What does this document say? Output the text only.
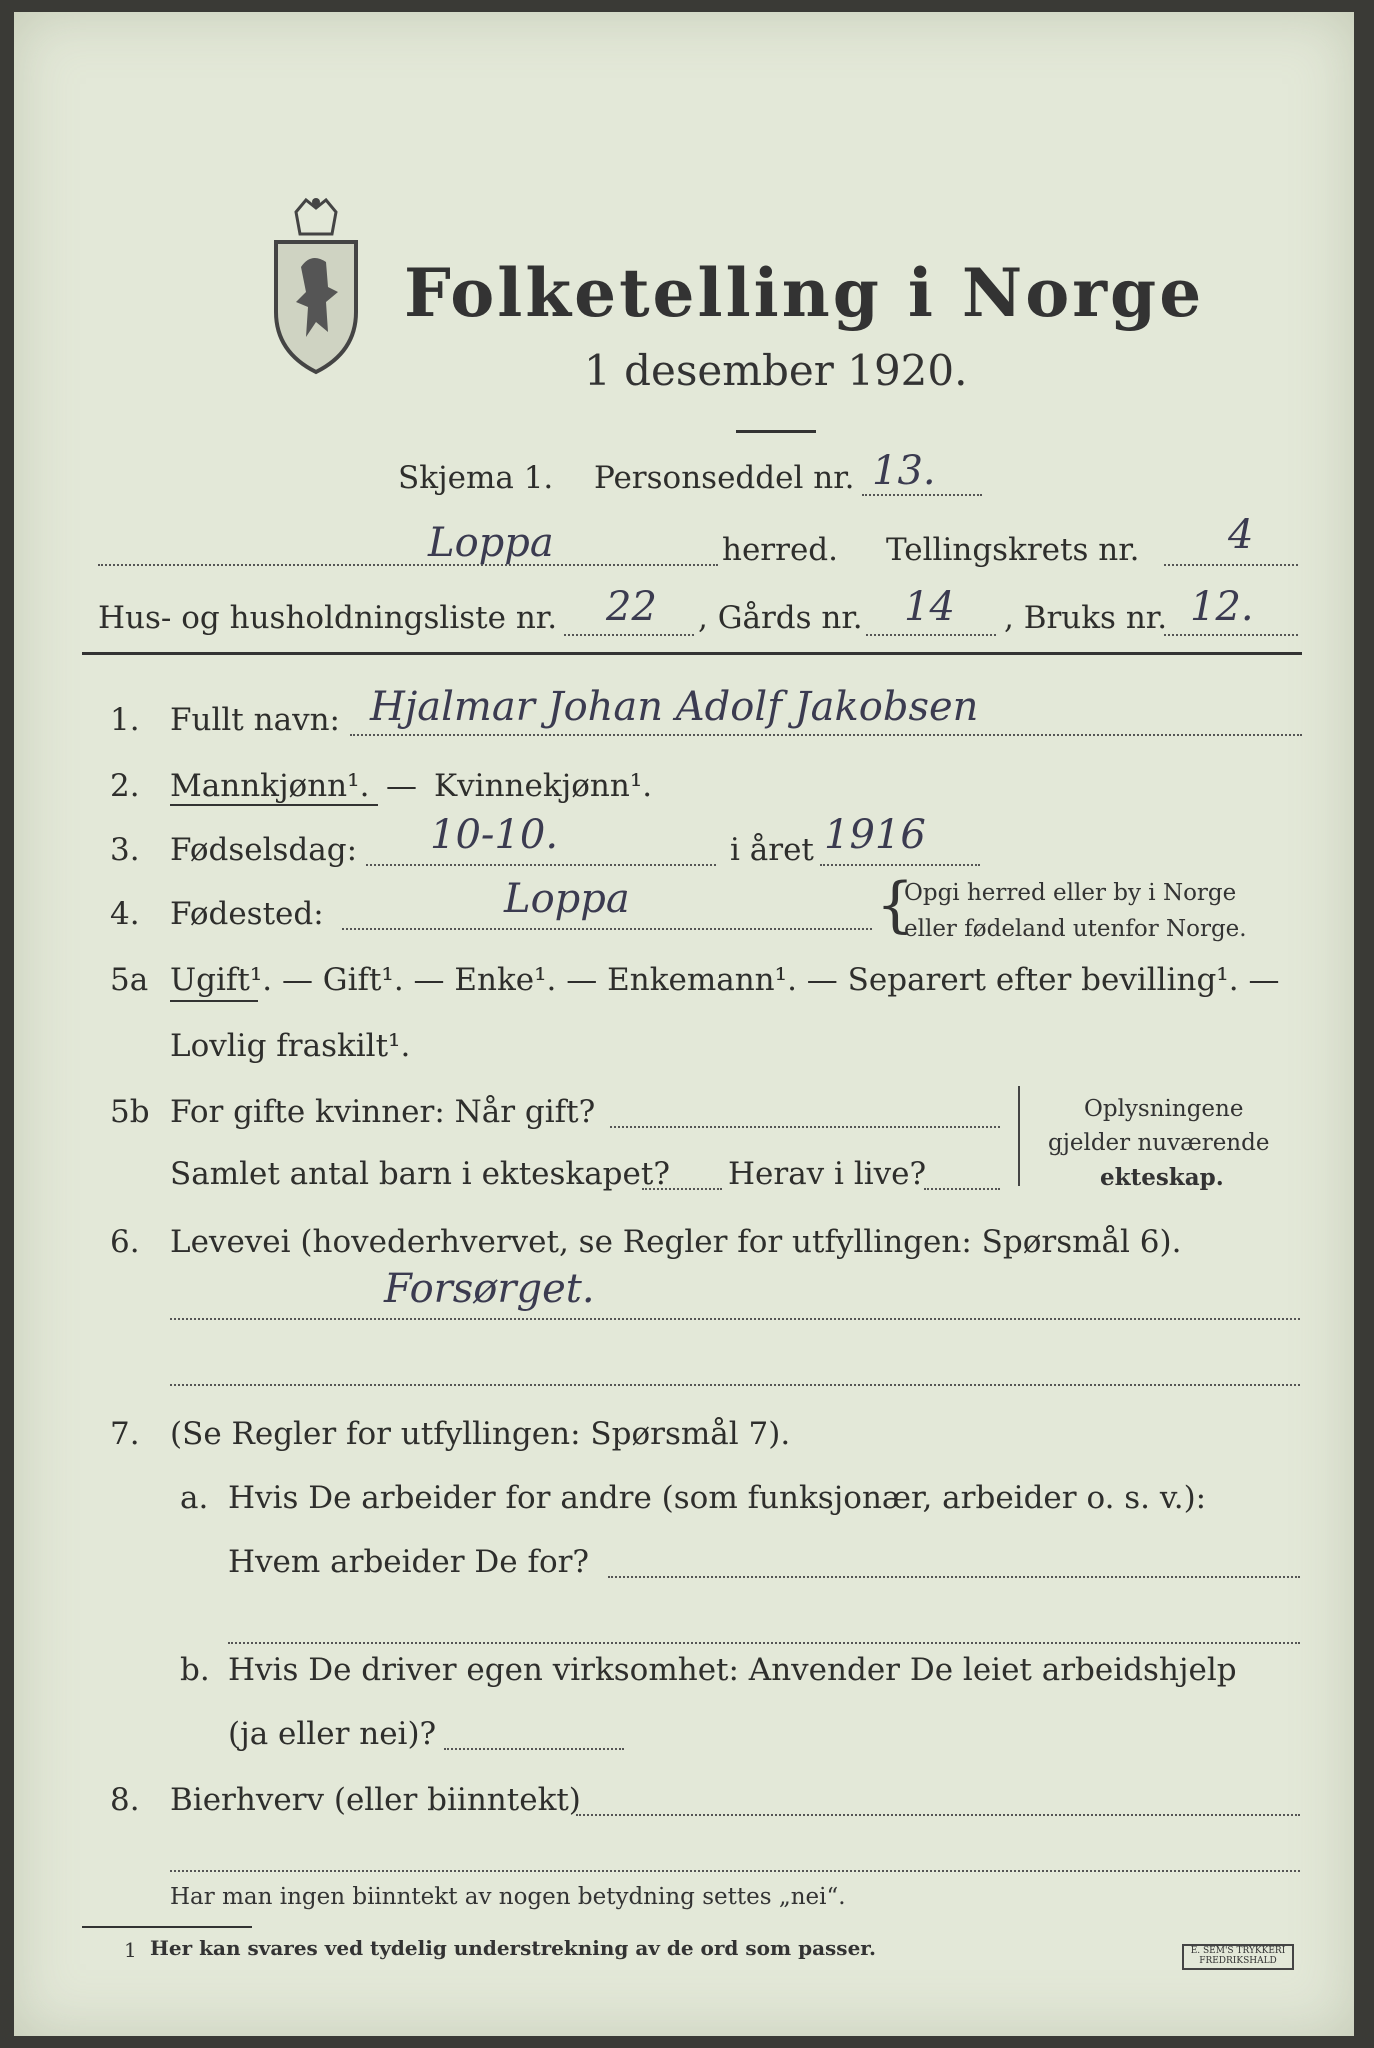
Folketelling i Norge
1 desember 1920.
Skjema 1. Personseddel nr. 13.
Loppa	herred. Tellingskrets nr. 4
Hus- og husholdningsliste nr. 22 , Gårds nr. 14 , Bruks nr. 12.
1. Fullt navn: Hjalmar Johan Adolf Jakobsen
2. Mannkjønn¹. — Kvinnekjønn¹.
3. Fødselsdag: 10-10.	i året 1916
4. Fødested:	Loppa	{
Opgi herred eller by i Norge
eller fødeland utenfor Norge.
5a Ugift¹. — Gift¹. — Enke¹. — Enkemann¹. — Separert efter bevilling¹. —
Lovlig fraskilt¹.
5b For gifte kvinner: Når gift?
Samlet antal barn i ekteskapet? Herav i live?
Oplysningene
gjelder nuværende
ekteskap.
6. Levevei (hovederhvervet, se Regler for utfyllingen: Spørsmål 6).
Forsørget.
7. (Se Regler for utfyllingen: Spørsmål 7).
a. Hvis De arbeider for andre (som funksjonær, arbeider o. s. v.):
Hvem arbeider De for?
b. Hvis De driver egen virksomhet: Anvender De leiet arbeidshjelp
(ja eller nei)?
8. Bierhverv (eller biinntekt)
Har man ingen biinntekt av nogen betydning settes „nei“.
1 Her kan svares ved tydelig understrekning av de ord som passer.	E. SEM'S TRYKKERI
FREDRIKSHALD
